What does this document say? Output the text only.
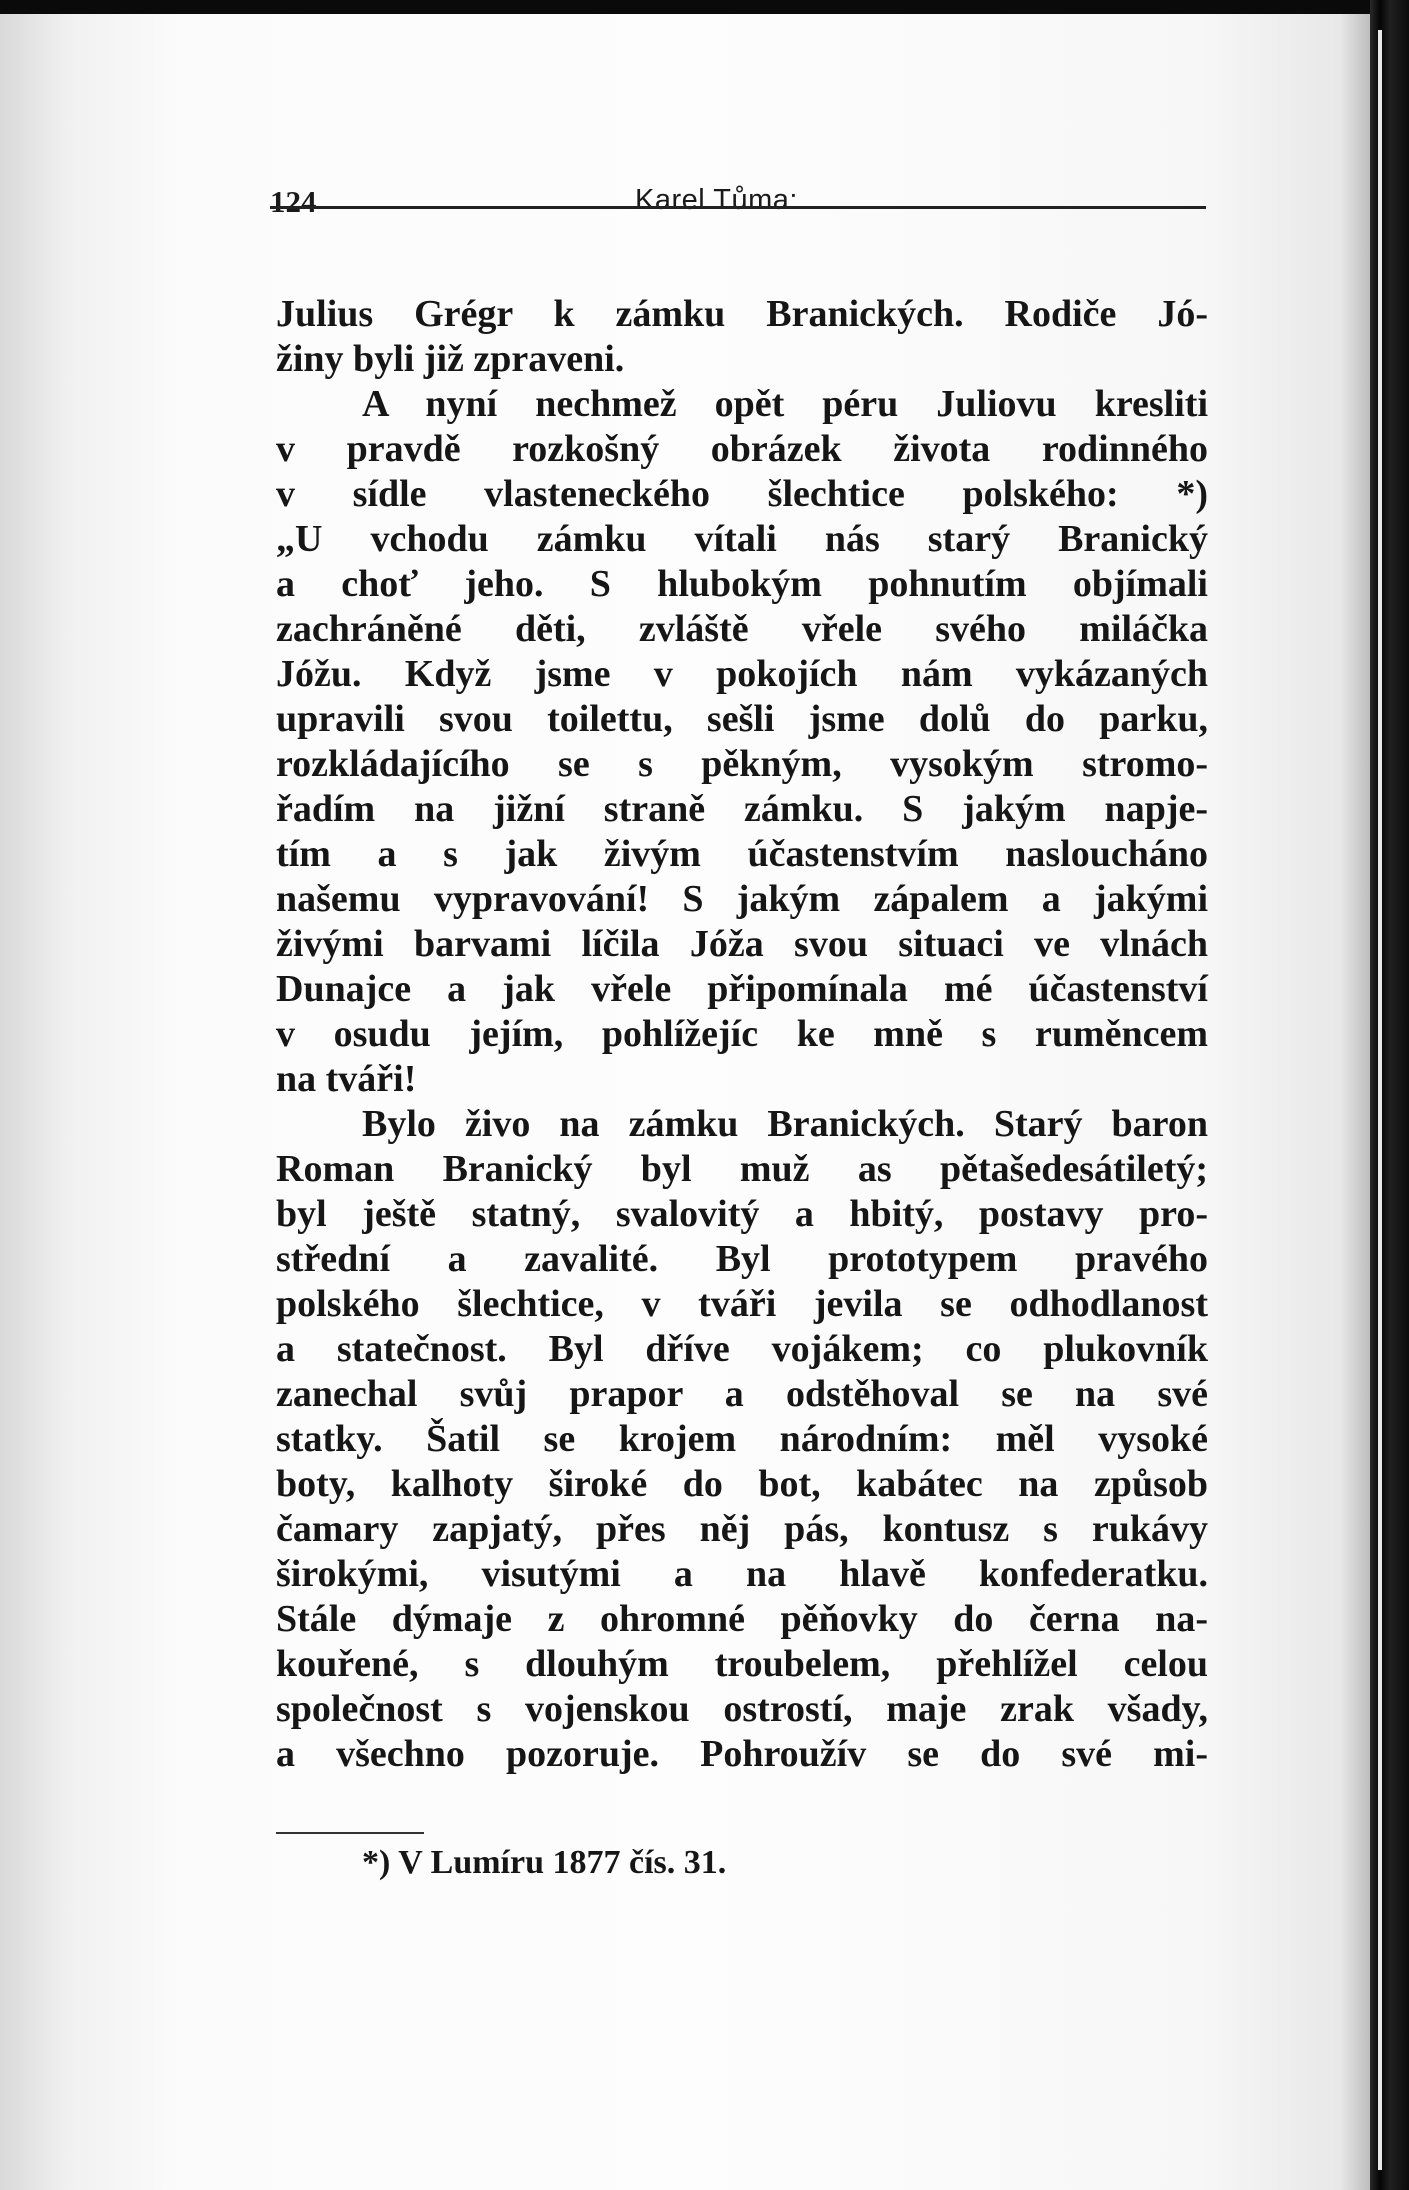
124	Karel Tůma:
Julius Grégr k zámku Branických. Rodiče Jó-
žiny byli již zpraveni.
A nyní nechmež opět péru Juliovu kresliti
v pravdě rozkošný obrázek života rodinného
v sídle vlasteneckého šlechtice polského: *)
„U vchodu zámku vítali nás starý Branický
a choť jeho. S hlubokým pohnutím objímali
zachráněné děti, zvláště vřele svého miláčka
Jóžu. Když jsme v pokojích nám vykázaných
upravili svou toilettu, sešli jsme dolů do parku,
rozkládajícího se s pěkným, vysokým stromo-
řadím na jižní straně zámku. S jakým napje-
tím a s jak živým účastenstvím nasloucháno
našemu vypravování! S jakým zápalem a jakými
živými barvami líčila Jóža svou situaci ve vlnách
Dunajce a jak vřele připomínala mé účastenství
v osudu jejím, pohlížejíc ke mně s ruměncem
na tváři!
Bylo živo na zámku Branických. Starý baron
Roman Branický byl muž as pětašedesátiletý;
byl ještě statný, svalovitý a hbitý, postavy pro-
střední a zavalité. Byl prototypem pravého
polského šlechtice, v tváři jevila se odhodlanost
a statečnost. Byl dříve vojákem; co plukovník
zanechal svůj prapor a odstěhoval se na své
statky. Šatil se krojem národním: měl vysoké
boty, kalhoty široké do bot, kabátec na způsob
čamary zapjatý, přes něj pás, kontusz s rukávy
širokými, visutými a na hlavě konfederatku.
Stále dýmaje z ohromné pěňovky do černa na-
kouřené, s dlouhým troubelem, přehlížel celou
společnost s vojenskou ostrostí, maje zrak všady,
a všechno pozoruje. Pohroužív se do své mi-
*) V Lumíru 1877 čís. 31.
